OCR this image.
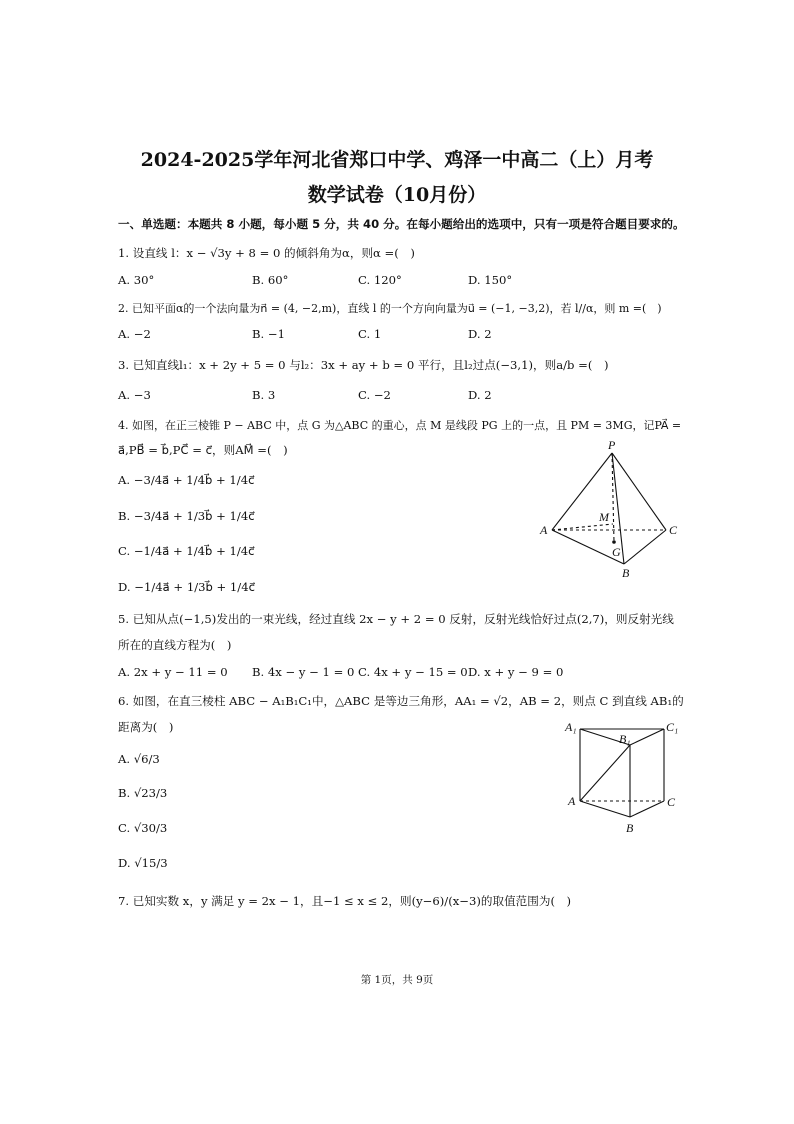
2024-2025学年河北省郑口中学、鸡泽一中高二（上）月考
数学试卷（10月份）
一、单选题：本题共 8 小题，每小题 5 分，共 40 分。在每小题给出的选项中，只有一项是符合题目要求的。
1. 设直线 l：x − √3y + 8 = 0 的倾斜角为α，则α =(　)
A. 30°	B. 60°	C. 120°	D. 150°
2. 已知平面α的一个法向量为n⃗ = (4, −2,m)，直线 l 的一个方向向量为u⃗ = (−1, −3,2)，若 l//α，则 m =(　)
A. −2	B. −1	C. 1	D. 2
3. 已知直线l₁：x + 2y + 5 = 0 与l₂：3x + ay + b = 0 平行，且l₂过点(−3,1)，则a/b =(　)
A. −3	B. 3	C. −2	D. 2
4. 如图，在正三棱锥 P − ABC 中，点 G 为△ABC 的重心，点 M 是线段 PG 上的一点，且 PM = 3MG，记PA⃗ =
a⃗,PB⃗ = b⃗,PC⃗ = c⃗，则AM⃗ =(　)
A. −3/4a⃗ + 1/4b⃗ + 1/4c⃗
B. −3/4a⃗ + 1/3b⃗ + 1/4c⃗
C. −1/4a⃗ + 1/4b⃗ + 1/4c⃗
D. −1/4a⃗ + 1/3b⃗ + 1/4c⃗
P
M
A	C
G
B
5. 已知从点(−1,5)发出的一束光线，经过直线 2x − y + 2 = 0 反射，反射光线恰好过点(2,7)，则反射光线
所在的直线方程为(　)
A. 2x + y − 11 = 0 B. 4x − y − 1 = 0 C. 4x + y − 15 = 0 D. x + y − 9 = 0
6. 如图，在直三棱柱 ABC − A₁B₁C₁中，△ABC 是等边三角形，AA₁ = √2，AB = 2，则点 C 到直线 AB₁的
距离为(　)
A. √6/3
B. √23/3
C. √30/3
D. √15/3
A₁
B₁
C₁
A	C
B
7. 已知实数 x，y 满足 y = 2x − 1，且−1 ≤ x ≤ 2，则(y−6)/(x−3)的取值范围为(　)
第 1页，共 9页
